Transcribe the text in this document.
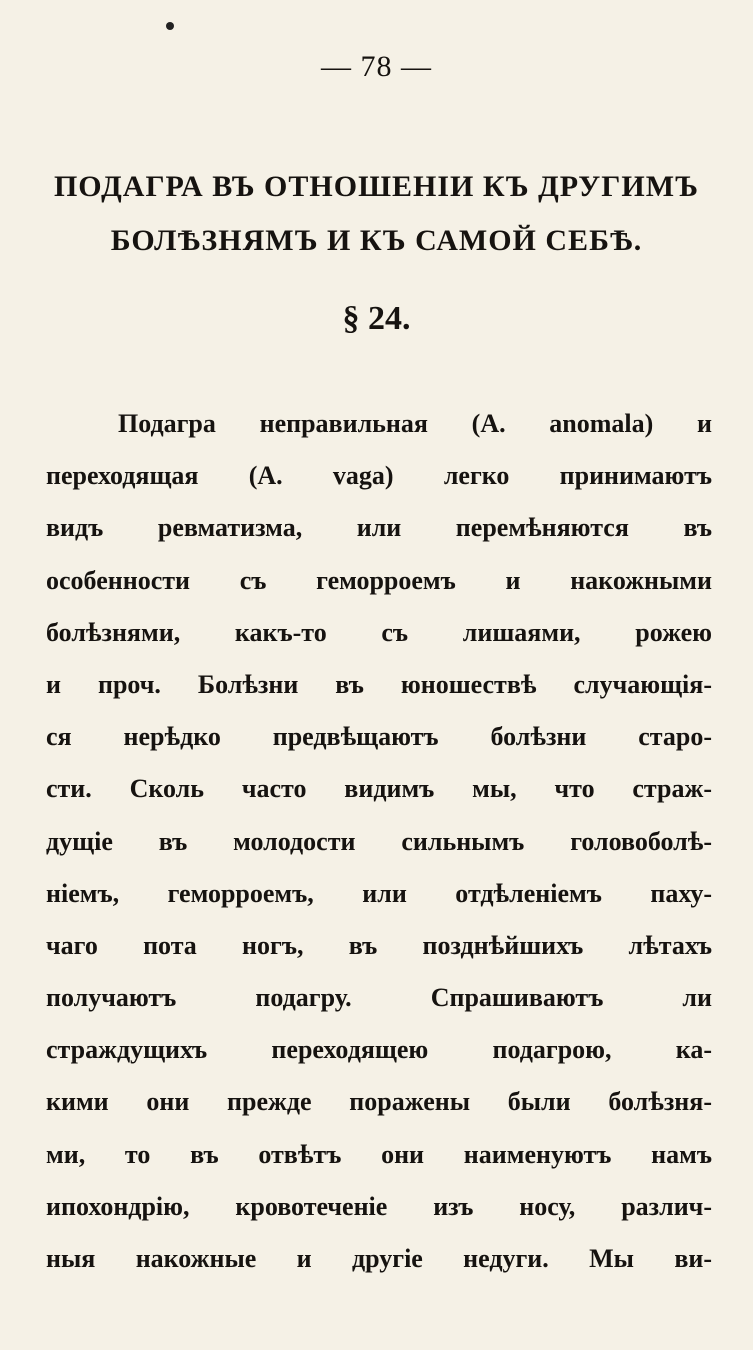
— 78 —
ПОДАГРА ВЪ ОТНОШЕНІИ КЪ ДРУГИМЪ
БОЛѢЗНЯМЪ И КЪ САМОЙ СЕБѢ.
§ 24.
Подагра неправильная (A. anomala) и
переходящая (A. vaga) легко принимаютъ
видъ ревматизма, или перемѣняются въ
особенности съ геморроемъ и накожными
болѣзнями, какъ-то съ лишаями, рожею
и проч. Болѣзни въ юношествѣ случающія-
ся нерѣдко предвѣщаютъ болѣзни старо-
сти. Сколь часто видимъ мы, что страж-
дущіе въ молодости сильнымъ головоболѣ-
ніемъ, геморроемъ, или отдѣленіемъ паху-
чаго пота ногъ, въ позднѣйшихъ лѣтахъ
получаютъ подагру. Спрашиваютъ ли
страждущихъ переходящею подагрою, ка-
кими они прежде поражены были болѣзня-
ми, то въ отвѣтъ они наименуютъ намъ
ипохондрію, кровотеченіе изъ носу, различ-
ныя накожные и другіе недуги. Мы ви-
